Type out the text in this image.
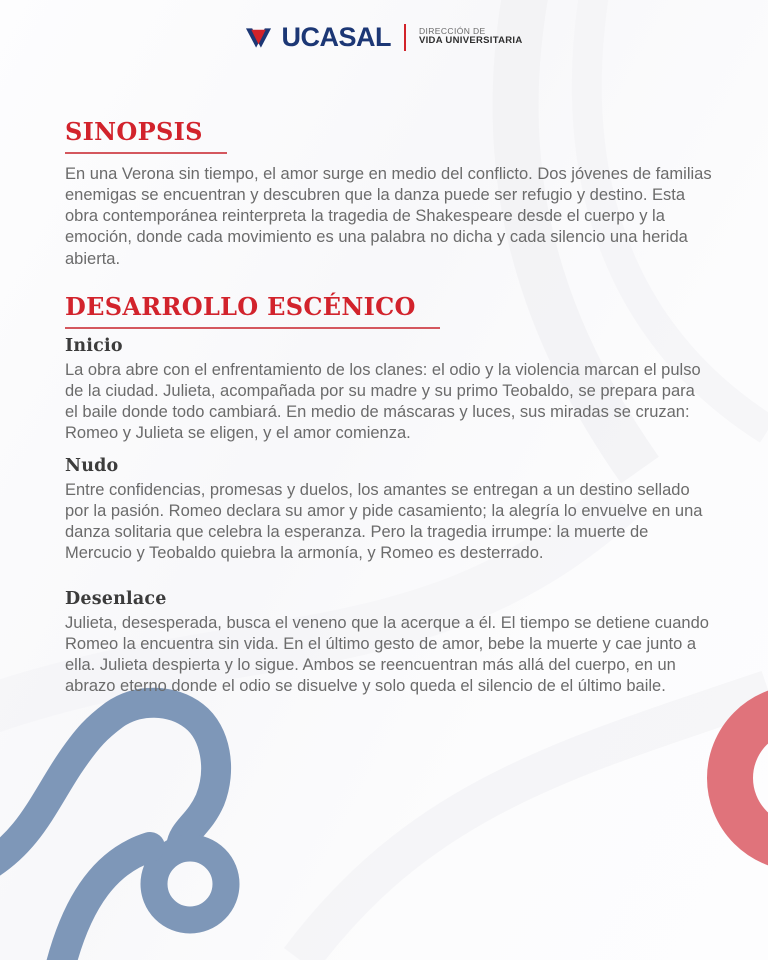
UCASAL	DIRECCIÓN DE
VIDA UNIVERSITARIA
SINOPSIS

En una Verona sin tiempo, el amor surge en medio del conflicto. Dos jóvenes de familias enemigas se encuentran y descubren que la danza puede ser refugio y destino. Esta obra contemporánea reinterpreta la tragedia de Shakespeare desde el cuerpo y la emoción, donde cada movimiento es una palabra no dicha y cada silencio una herida abierta.

DESARROLLO ESCÉNICO
Inicio

La obra abre con el enfrentamiento de los clanes: el odio y la violencia marcan el pulso de la ciudad. Julieta, acompañada por su madre y su primo Teobaldo, se prepara para el baile donde todo cambiará. En medio de máscaras y luces, sus miradas se cruzan: Romeo y Julieta se eligen, y el amor comienza.

Nudo

Entre confidencias, promesas y duelos, los amantes se entregan a un destino sellado por la pasión. Romeo declara su amor y pide casamiento; la alegría lo envuelve en una danza solitaria que celebra la esperanza. Pero la tragedia irrumpe: la muerte de Mercucio y Teobaldo quiebra la armonía, y Romeo es desterrado.

Desenlace

Julieta, desesperada, busca el veneno que la acerque a él. El tiempo se detiene cuando Romeo la encuentra sin vida. En el último gesto de amor, bebe la muerte y cae junto a ella. Julieta despierta y lo sigue. Ambos se reencuentran más allá del cuerpo, en un abrazo eterno donde el odio se disuelve y solo queda el silencio de el último baile.
